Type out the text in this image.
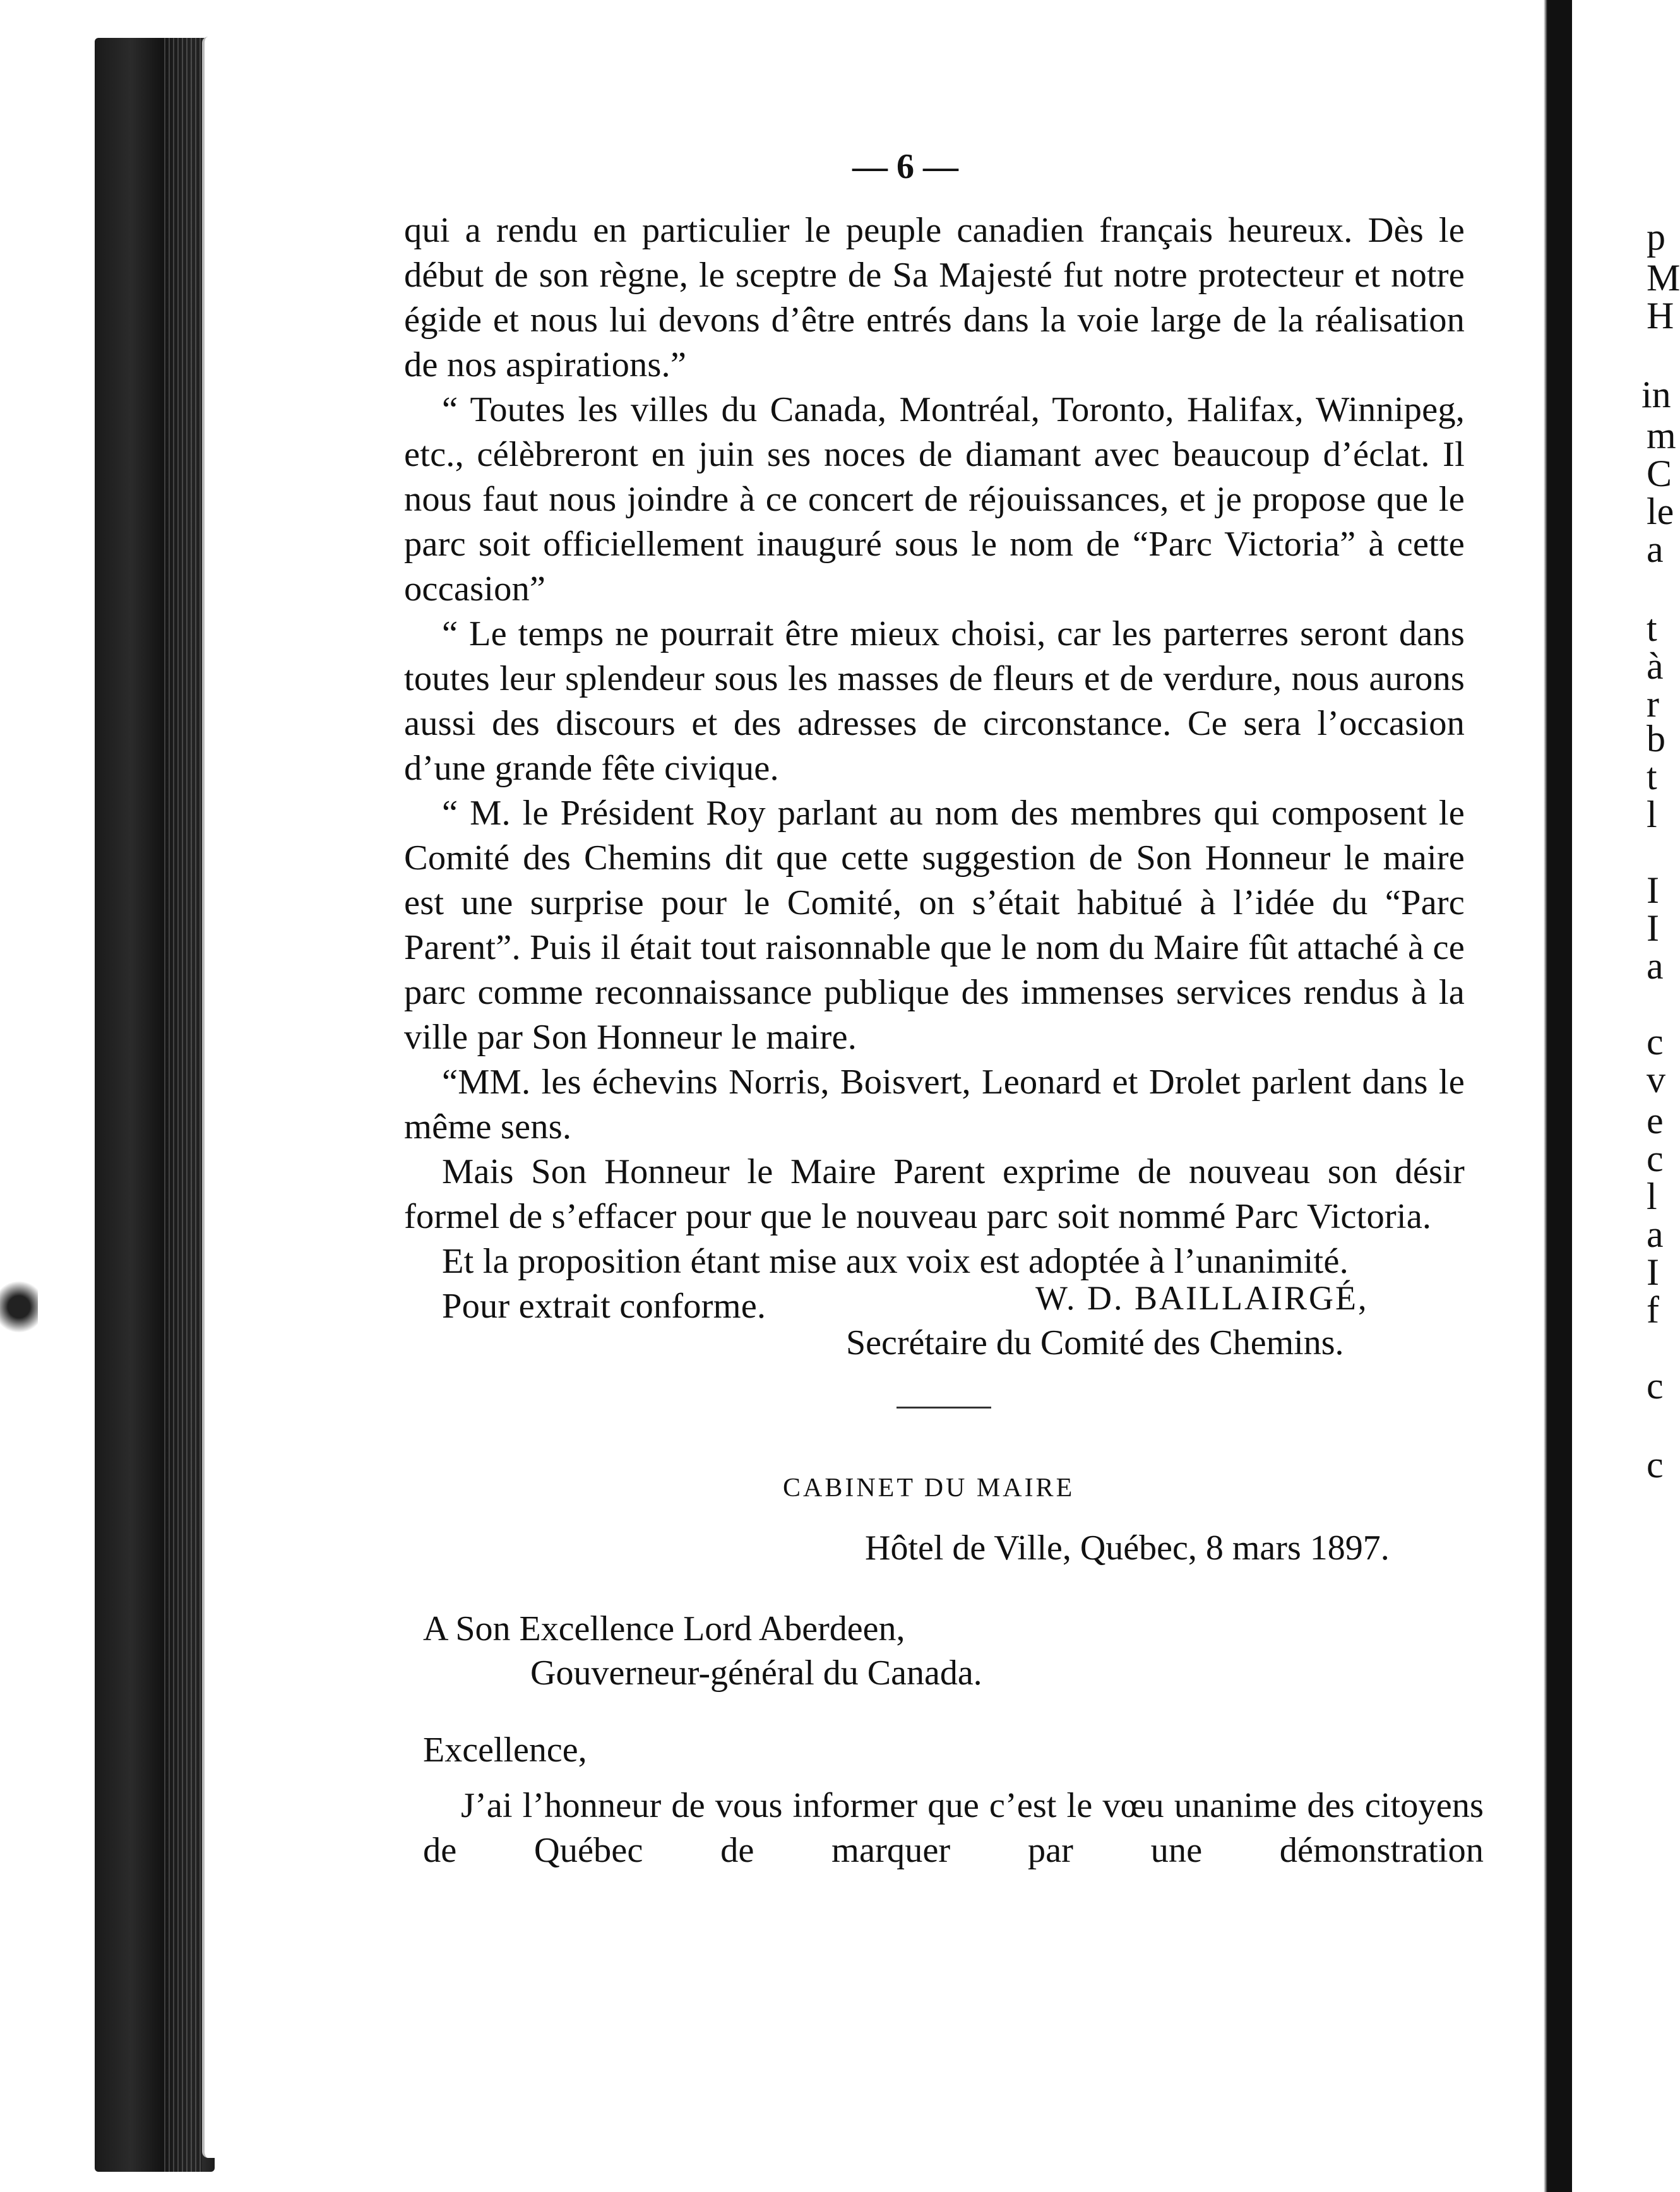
p
M
H
in
m
C
le
a
t
à
r
b
t
l
I
I
a
c
v
e
c
l
a
I
f
c
c
— 6 —

qui a rendu en particulier le peuple canadien français heureux. Dès le début de son règne, le sceptre de Sa Majesté fut notre protecteur et notre égide et nous lui devons d’être entrés dans la voie large de la réalisation de nos aspirations.”

“ Toutes les villes du Canada, Montréal, Toronto, Halifax, Winnipeg, etc., célèbreront en juin ses noces de diamant avec beaucoup d’éclat. Il nous faut nous joindre à ce concert de réjouissances, et je propose que le parc soit officiellement inauguré sous le nom de “Parc Victoria” à cette occasion”

“ Le temps ne pourrait être mieux choisi, car les parterres seront dans toutes leur splendeur sous les masses de fleurs et de verdure, nous aurons aussi des discours et des adresses de circonstance. Ce sera l’occasion d’une grande fête civique.

“ M. le Président Roy parlant au nom des membres qui composent le Comité des Chemins dit que cette suggestion de Son Honneur le maire est une surprise pour le Comité, on s’était habitué à l’idée du “Parc Parent”. Puis il était tout raisonnable que le nom du Maire fût attaché à ce parc comme reconnaissance publique des immenses services rendus à la ville par Son Honneur le maire.

“MM. les échevins Norris, Boisvert, Leonard et Drolet parlent dans le même sens.

Mais Son Honneur le Maire Parent exprime de nouveau son désir formel de s’effacer pour que le nouveau parc soit nommé Parc Victoria.

Et la proposition étant mise aux voix est adoptée à l’unanimité.

Pour extrait conforme.	W. D. BAILLAIRGÉ,
Secrétaire du Comité des Chemins.
CABINET DU MAIRE
Hôtel de Ville, Québec, 8 mars 1897.
A Son Excellence Lord Aberdeen,
Gouverneur-général du Canada.
Excellence,

J’ai l’honneur de vous informer que c’est le vœu unanime des citoyens de Québec de marquer par une démonstration
